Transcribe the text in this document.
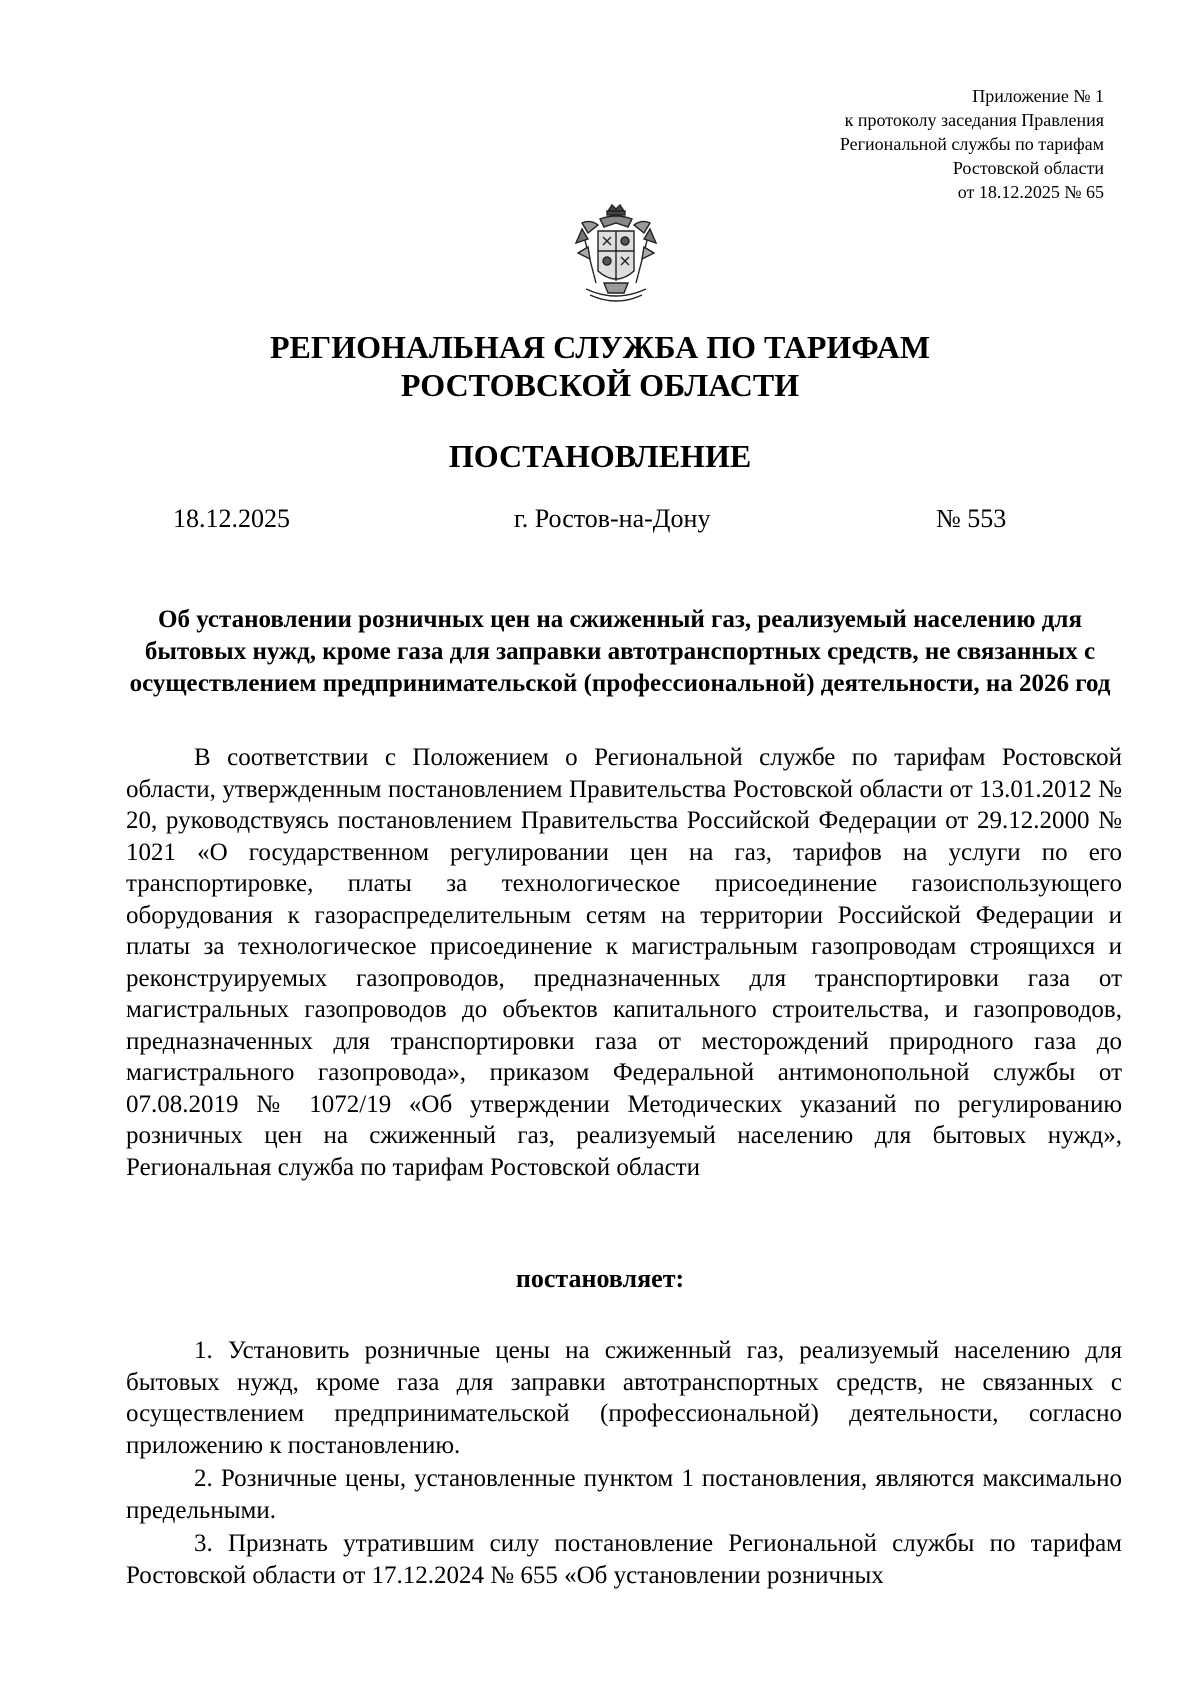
Приложение № 1
к протоколу заседания Правления
Региональной службы по тарифам
Ростовской области
от 18.12.2025 № 65
РЕГИОНАЛЬНАЯ СЛУЖБА ПО ТАРИФАМ
РОСТОВСКОЙ ОБЛАСТИ
ПОСТАНОВЛЕНИЕ
18.12.2025	г. Ростов-на-Дону	№ 553
Об установлении розничных цен на сжиженный газ, реализуемый населению для бытовых нужд, кроме газа для заправки автотранспортных средств, не связанных с осуществлением предпринимательской (профессиональной) деятельности, на 2026 год
В соответствии с Положением о Региональной службе по тарифам Ростовской области, утвержденным постановлением Правительства Ростовской области от 13.01.2012 № 20, руководствуясь постановлением Правительства Российской Федерации от 29.12.2000 № 1021 «О государственном регулировании цен на газ, тарифов на услуги по его транспортировке, платы за технологическое присоединение газоиспользующего оборудования к газораспределительным сетям на территории Российской Федерации и платы за технологическое присоединение к магистральным газопроводам строящихся и реконструируемых газопроводов, предназначенных для транспортировки газа от магистральных газопроводов до объектов капитального строительства, и газопроводов, предназначенных для транспортировки газа от месторождений природного газа до магистрального газопровода», приказом Федеральной антимонопольной службы от 07.08.2019 № 1072/19 «Об утверждении Методических указаний по регулированию розничных цен на сжиженный газ, реализуемый населению для бытовых нужд», Региональная служба по тарифам Ростовской области
постановляет:

1. Установить розничные цены на сжиженный газ, реализуемый населению для бытовых нужд, кроме газа для заправки автотранспортных средств, не связанных с осуществлением предпринимательской (профессиональной) деятельности, согласно приложению к постановлению.

2. Розничные цены, установленные пунктом 1 постановления, являются максимально предельными.

3. Признать утратившим силу постановление Региональной службы по тарифам Ростовской области от 17.12.2024 № 655 «Об установлении розничных
